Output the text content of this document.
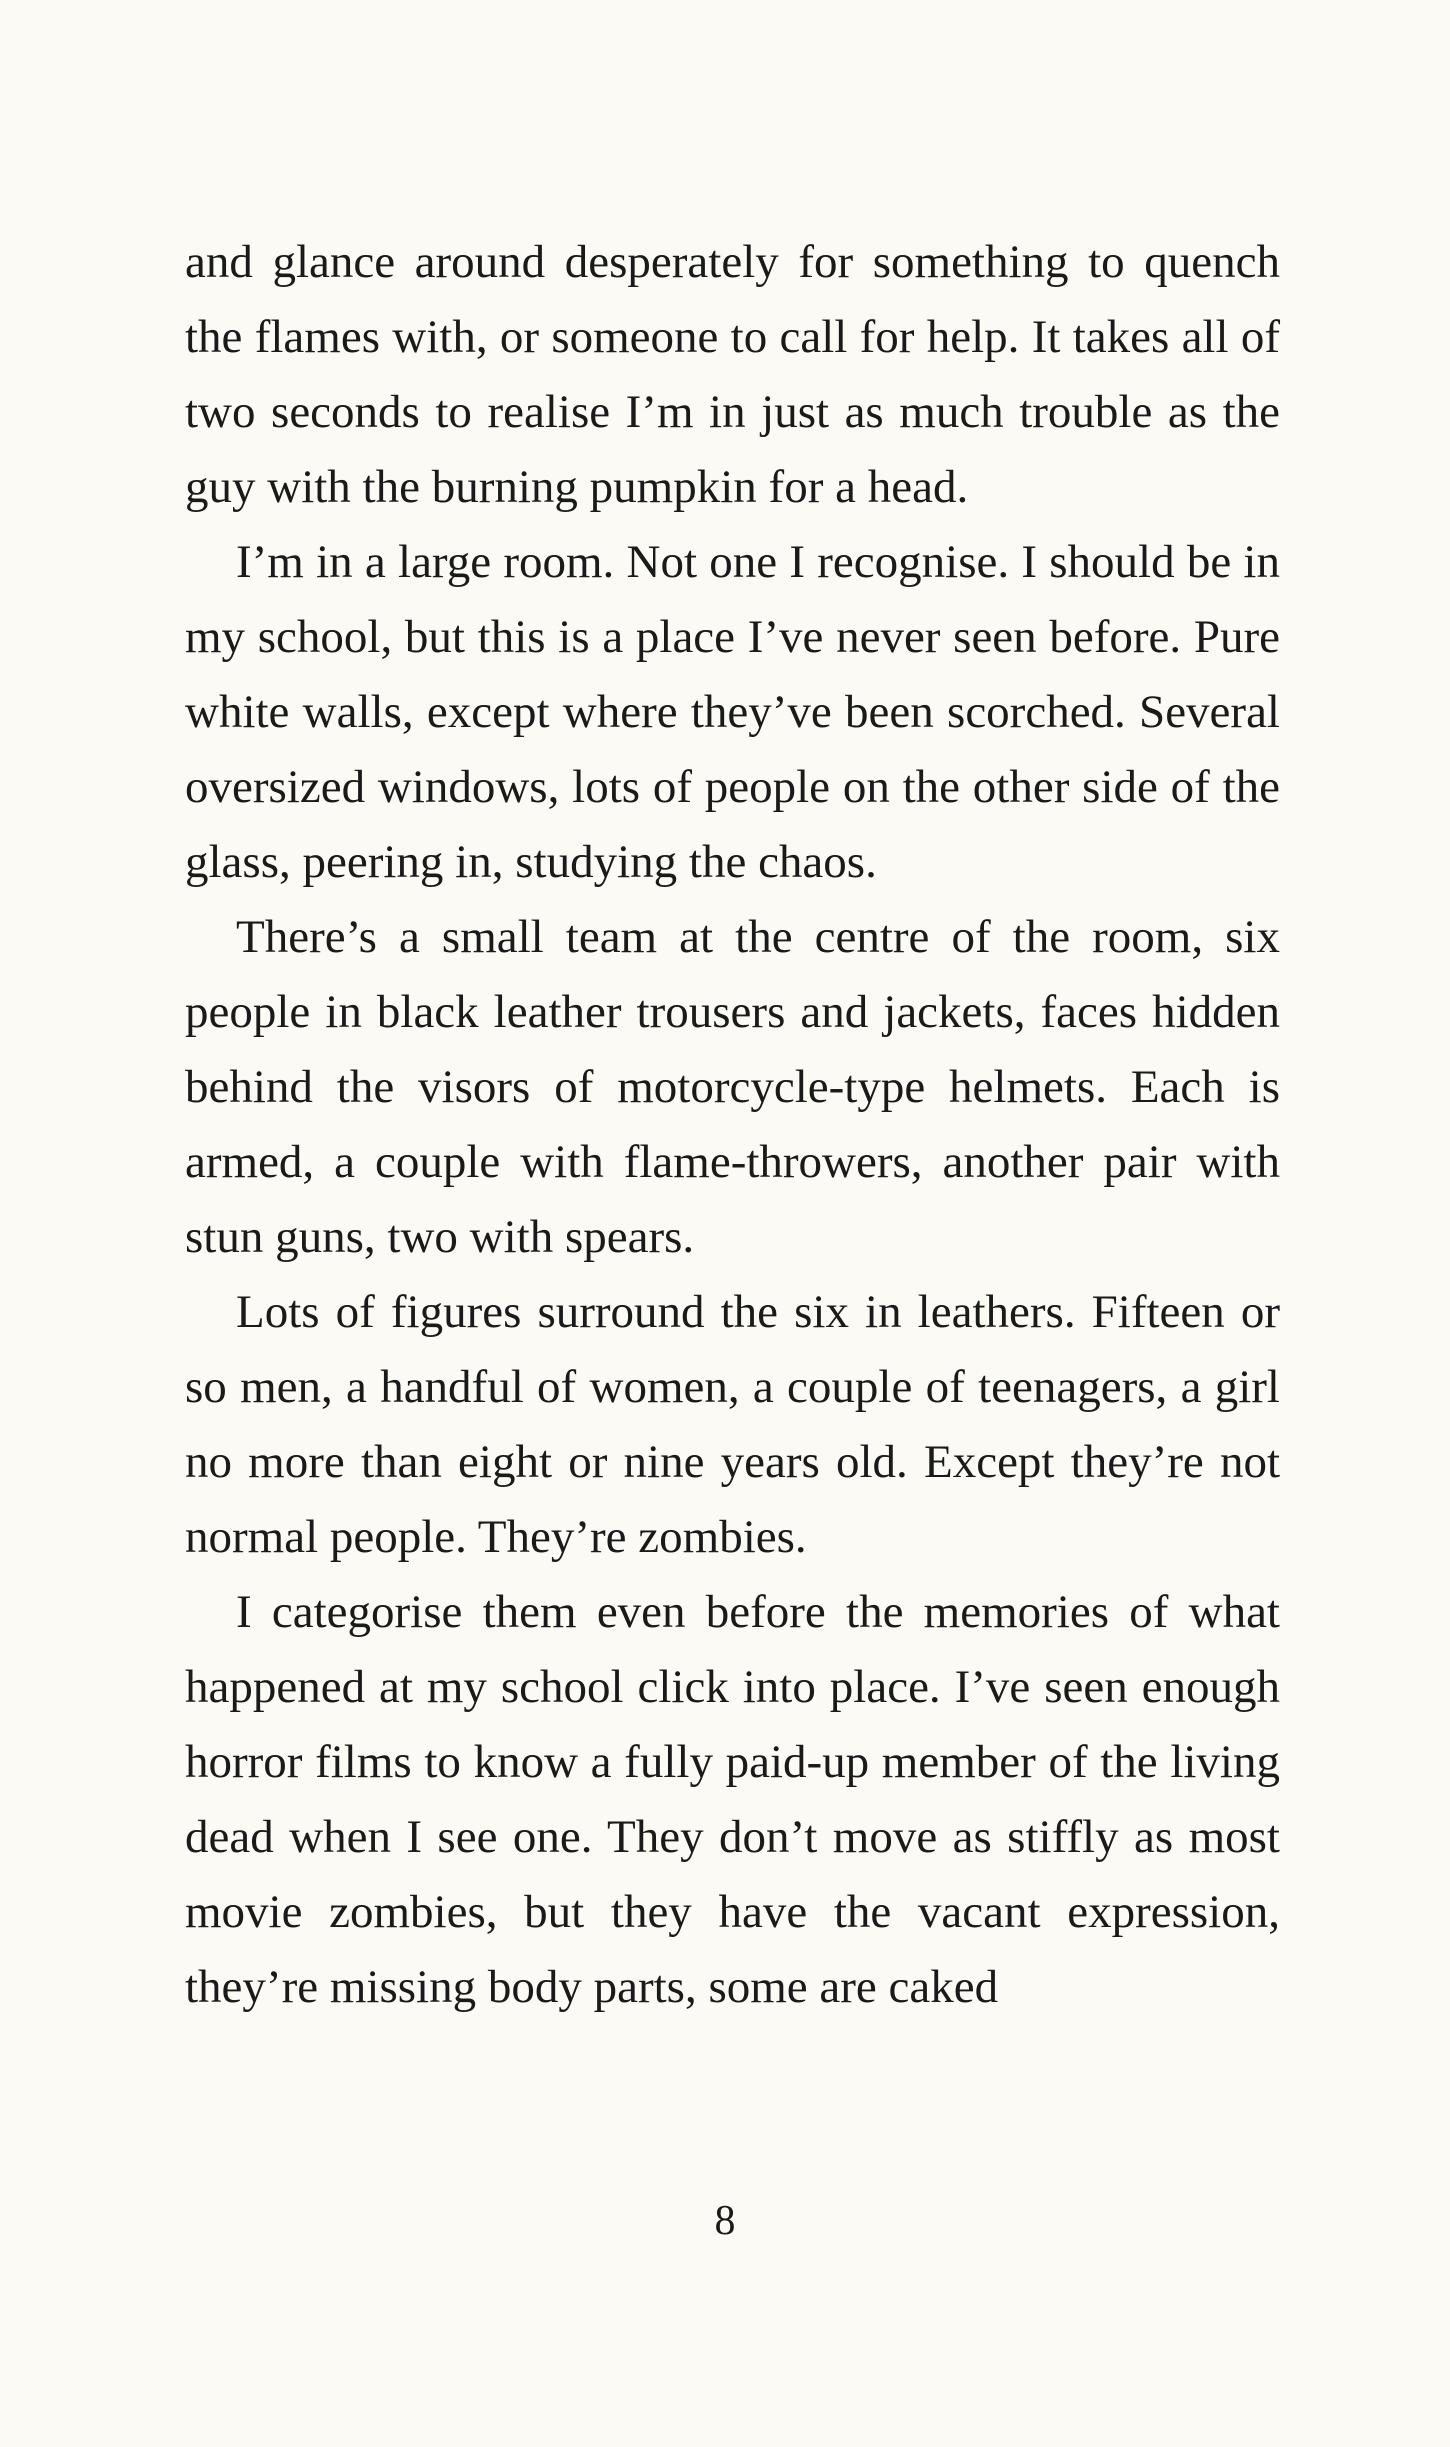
and glance around desperately for something to quench the flames with, or someone to call for help. It takes all of two seconds to realise I’m in just as much trouble as the guy with the burning pumpkin for a head.

I’m in a large room. Not one I recognise. I should be in my school, but this is a place I’ve never seen before. Pure white walls, except where they’ve been scorched. Several oversized windows, lots of people on the other side of the glass, peering in, studying the chaos.

There’s a small team at the centre of the room, six people in black leather trousers and jackets, faces hidden behind the visors of motorcycle-type helmets. Each is armed, a couple with flame-throwers, another pair with stun guns, two with spears.

Lots of figures surround the six in leathers. Fifteen or so men, a handful of women, a couple of teenagers, a girl no more than eight or nine years old. Except they’re not normal people. They’re zombies.

I categorise them even before the memories of what happened at my school click into place. I’ve seen enough horror films to know a fully paid-up member of the living dead when I see one. They don’t move as stiffly as most movie zombies, but they have the vacant expression, they’re missing body parts, some are caked

8
